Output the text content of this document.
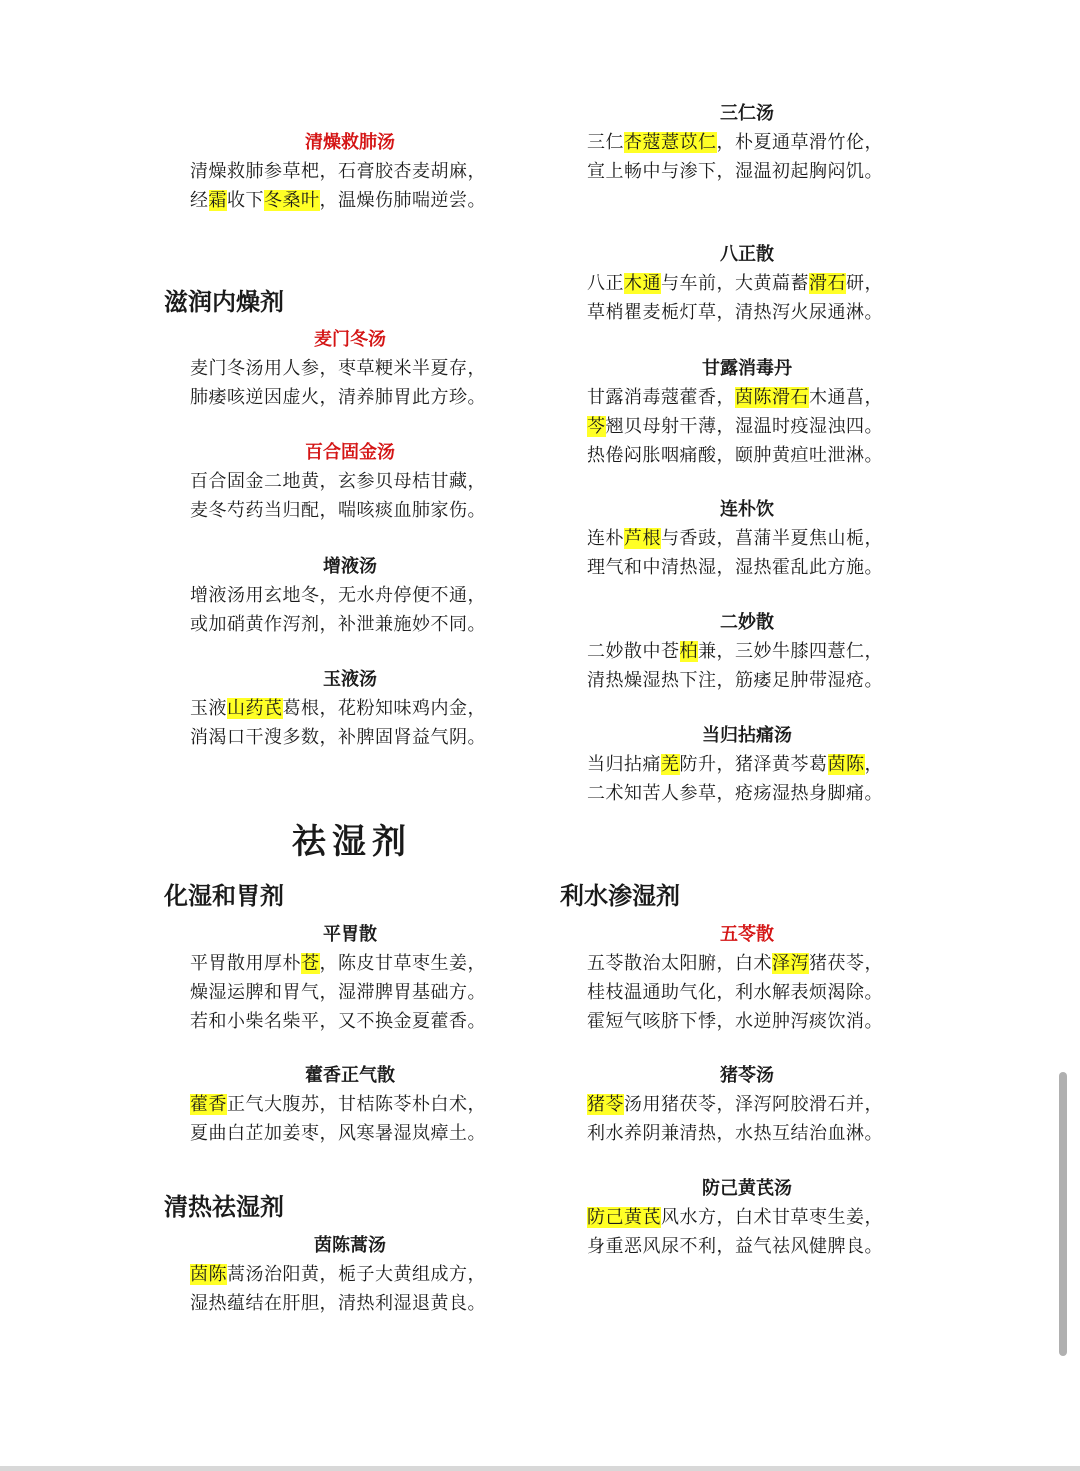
清燥救肺汤
清燥救肺参草杷，石膏胶杏麦胡麻，
经霜收下冬桑叶，温燥伤肺喘逆尝。
滋润内燥剂
麦门冬汤
麦门冬汤用人参，枣草粳米半夏存，
肺痿咳逆因虚火，清养肺胃此方珍。
百合固金汤
百合固金二地黄，玄参贝母桔甘藏，
麦冬芍药当归配，喘咳痰血肺家伤。
增液汤
增液汤用玄地冬，无水舟停便不通，
或加硝黄作泻剂，补泄兼施妙不同。
玉液汤
玉液山药芪葛根，花粉知味鸡内金，
消渴口干溲多数，补脾固肾益气阴。
三仁汤
三仁杏蔻薏苡仁，朴夏通草滑竹伦，
宣上畅中与渗下，湿温初起胸闷饥。
八正散
八正木通与车前，大黄萹蓄滑石研，
草梢瞿麦栀灯草，清热泻火尿通淋。
甘露消毒丹
甘露消毒蔻藿香，茵陈滑石木通菖，
芩翘贝母射干薄，湿温时疫湿浊四。
热倦闷胀咽痛酸，颐肿黄疸吐泄淋。
连朴饮
连朴芦根与香豉，菖蒲半夏焦山栀，
理气和中清热湿，湿热霍乱此方施。
二妙散
二妙散中苍柏兼，三妙牛膝四薏仁，
清热燥湿热下注，筋痿足肿带湿疮。
当归拈痛汤
当归拈痛羌防升，猪泽黄芩葛茵陈，
二术知苦人参草，疮疡湿热身脚痛。
祛湿剂
化湿和胃剂	利水渗湿剂
平胃散
平胃散用厚朴苍，陈皮甘草枣生姜，
燥湿运脾和胃气，湿滞脾胃基础方。
若和小柴名柴平，又不换金夏藿香。
藿香正气散
藿香正气大腹苏，甘桔陈苓朴白术，
夏曲白芷加姜枣，风寒暑湿岚瘴土。
清热祛湿剂
茵陈蒿汤
茵陈蒿汤治阳黄，栀子大黄组成方，
湿热蕴结在肝胆，清热利湿退黄良。
五苓散
五苓散治太阳腑，白术泽泻猪茯苓，
桂枝温通助气化，利水解表烦渴除。
霍短气咳脐下悸，水逆肿泻痰饮消。
猪苓汤
猪苓汤用猪茯苓，泽泻阿胶滑石并，
利水养阴兼清热，水热互结治血淋。
防己黄芪汤
防己黄芪风水方，白术甘草枣生姜，
身重恶风尿不利，益气祛风健脾良。
